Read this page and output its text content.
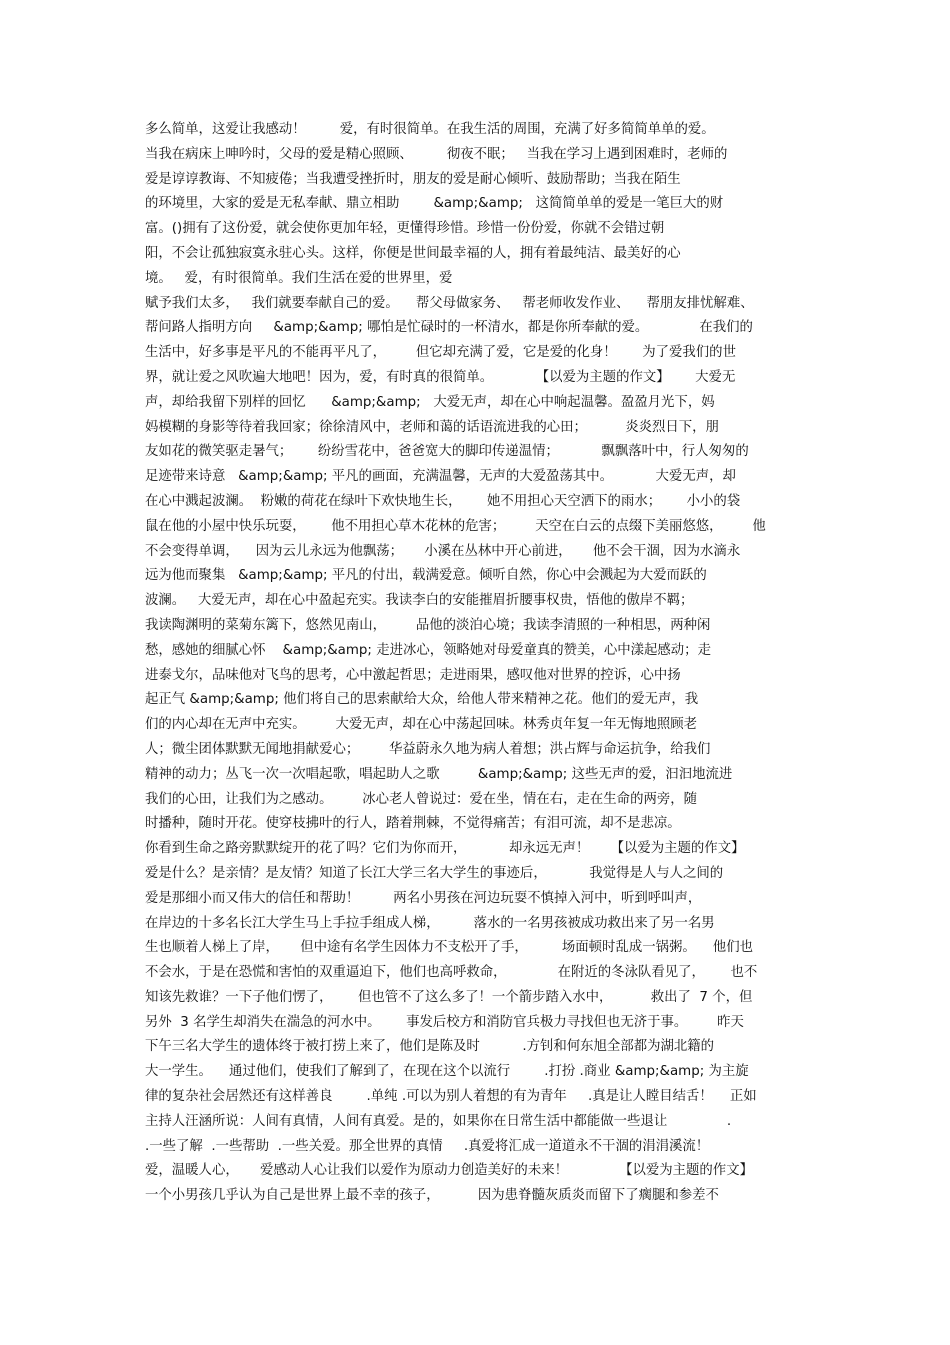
多么简单，这爱让我感动！        爱，有时很简单。在我生活的周围，充满了好多简简单单的爱。
当我在病床上呻吟时，父母的爱是精心照顾、        彻夜不眠；   当我在学习上遇到困难时，老师的
爱是谆谆教诲、不知疲倦；当我遭受挫折时，朋友的爱是耐心倾听、鼓励帮助；当我在陌生
的环境里，大家的爱是无私奉献、鼎立相助        &amp;&amp;   这简简单单的爱是一笔巨大的财
富。()拥有了这份爱，就会使你更加年轻，更懂得珍惜。珍惜一份份爱，你就不会错过朝
阳，不会让孤独寂寞永驻心头。这样，你便是世间最幸福的人，拥有着最纯洁、最美好的心
境。   爱，有时很简单。我们生活在爱的世界里，爱
赋予我们太多，   我们就要奉献自己的爱。    帮父母做家务、   帮老师收发作业、    帮朋友排忧解难、
帮问路人指明方向     &amp;&amp; 哪怕是忙碌时的一杯清水，都是你所奉献的爱。            在我们的
生活中，好多事是平凡的不能再平凡了，       但它却充满了爱，它是爱的化身！      为了爱我们的世
界，就让爱之风吹遍大地吧！因为，爱，有时真的很简单。          【以爱为主题的作文】      大爱无
声，却给我留下别样的回忆      &amp;&amp;   大爱无声，却在心中响起温馨。盈盈月光下，妈
妈模糊的身影等待着我回家；徐徐清风中，老师和蔼的话语流进我的心田；         炎炎烈日下，朋
友如花的微笑驱走暑气；      纷纷雪花中，爸爸宽大的脚印传递温情；          飘飘落叶中，行人匆匆的
足迹带来诗意   &amp;&amp; 平凡的画面，充满温馨，无声的大爱盈荡其中。          大爱无声，却
在心中溅起波澜。  粉嫩的荷花在绿叶下欢快地生长，      她不用担心天空洒下的雨水；      小小的袋
鼠在他的小屋中快乐玩耍，      他不用担心草木花林的危害；       天空在白云的点缀下美丽悠悠，       他
不会变得单调，    因为云儿永远为他飘荡；     小溪在丛林中开心前进，     他不会干涸，因为水滴永
远为他而聚集   &amp;&amp; 平凡的付出，载满爱意。倾听自然，你心中会溅起为大爱而跃的
波澜。   大爱无声，却在心中盈起充实。我读李白的安能摧眉折腰事权贵，悟他的傲岸不羁；
我读陶渊明的菜菊东篱下，悠然见南山，       品他的淡泊心境；我读李清照的一种相思，两种闲
愁，感她的细腻心怀    &amp;&amp; 走进冰心，领略她对母爱童真的赞美，心中漾起感动；走
进泰戈尔，品味他对飞鸟的思考，心中激起哲思；走进雨果，感叹他对世界的控诉，心中扬
起正气 &amp;&amp; 他们将自己的思索献给大众，给他人带来精神之花。他们的爱无声，我
们的内心却在无声中充实。       大爱无声，却在心中荡起回味。林秀贞年复一年无悔地照顾老
人；微尘团体默默无闻地捐献爱心；       华益蔚永久地为病人着想；洪占辉与命运抗争，给我们
精神的动力；丛飞一次一次唱起歌，唱起助人之歌         &amp;&amp; 这些无声的爱，汩汩地流进
我们的心田，让我们为之感动。       冰心老人曾说过：爱在坐，情在右，走在生命的两旁，随
时播种，随时开花。使穿枝拂叶的行人，踏着荆棘，不觉得痛苦；有泪可流，却不是悲凉。
你看到生命之路旁默默绽开的花了吗？它们为你而开，          却永远无声！     【以爱为主题的作文】
爱是什么？是亲情？是友情？知道了长江大学三名大学生的事迹后，          我觉得是人与人之间的
爱是那细小而又伟大的信任和帮助！        两名小男孩在河边玩耍不慎掉入河中，听到呼叫声，
在岸边的十多名长江大学生马上手拉手组成人梯，        落水的一名男孩被成功救出来了另一名男
生也顺着人梯上了岸，     但中途有名学生因体力不支松开了手，        场面顿时乱成一锅粥。    他们也
不会水，于是在恐慌和害怕的双重逼迫下，他们也高呼救命，            在附近的冬泳队看见了，      也不
知该先救谁？一下子他们愣了，      但也管不了这么多了！一个箭步踏入水中，         救出了  7 个，但
另外  3 名学生却消失在湍急的河水中。      事发后校方和消防官兵极力寻找但也无济于事。       昨天
下午三名大学生的遗体终于被打捞上来了，他们是陈及时          .方钊和何东旭全部都为湖北籍的
大一学生。    通过他们，使我们了解到了，在现在这个以流行        .打扮 .商业 &amp;&amp; 为主旋
律的复杂社会居然还有这样善良        .单纯 .可以为别人着想的有为青年     .真是让人瞠目结舌！    正如
主持人汪涵所说：人间有真情，人间有真爱。是的，如果你在日常生活中都能做一些退让              .
.一些了解  .一些帮助  .一些关爱。那全世界的真情     .真爱将汇成一道道永不干涸的涓涓溪流！
爱，温暖人心，     爱感动人心让我们以爱作为原动力创造美好的未来！            【以爱为主题的作文】
一个小男孩几乎认为自己是世界上最不幸的孩子，         因为患脊髓灰质炎而留下了瘸腿和参差不
